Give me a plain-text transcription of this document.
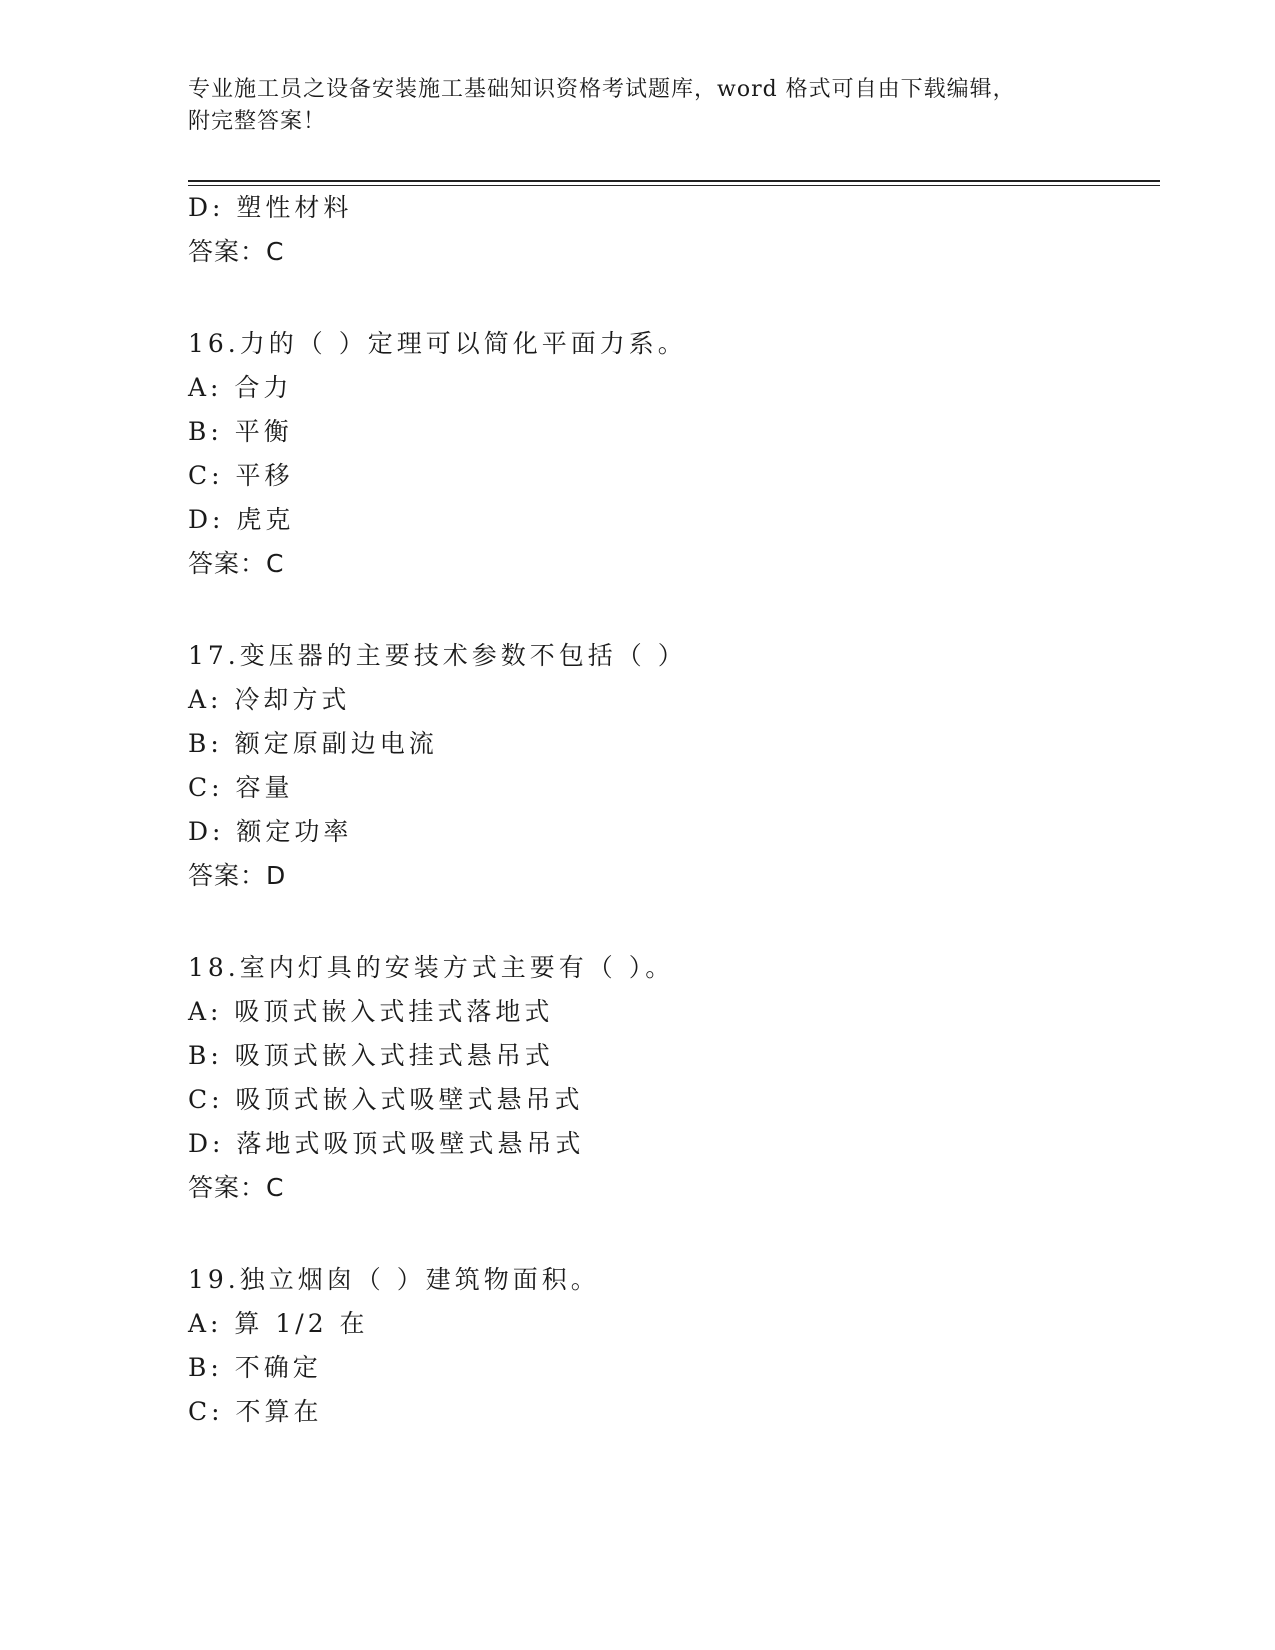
专业施工员之设备安装施工基础知识资格考试题库，word 格式可自由下载编辑，
附完整答案！
D: 塑性材料
答案：C
16.力的（ ）定理可以简化平面力系。
A: 合力
B: 平衡
C: 平移
D: 虎克
答案：C
17.变压器的主要技术参数不包括（ ）
A: 冷却方式
B: 额定原副边电流
C: 容量
D: 额定功率
答案：D
18.室内灯具的安装方式主要有（ ）。
A: 吸顶式嵌入式挂式落地式
B: 吸顶式嵌入式挂式悬吊式
C: 吸顶式嵌入式吸壁式悬吊式
D: 落地式吸顶式吸壁式悬吊式
答案：C
19.独立烟囱（ ）建筑物面积。
A: 算 1/2 在
B: 不确定
C: 不算在
